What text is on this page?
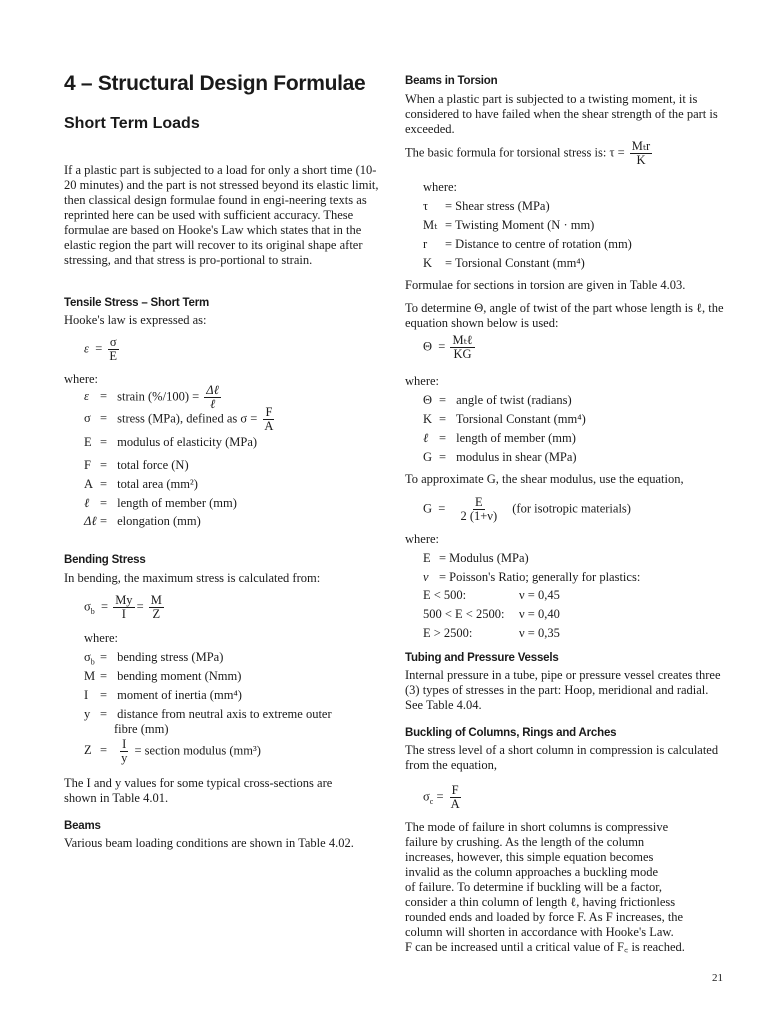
4 – Structural Design Formulae
Short Term Loads

If a plastic part is subjected to a load for only a short time (10-20 minutes) and the part is not stressed beyond its elastic limit, then classical design formulae found in engi-neering texts as reprinted here can be used with sufficient accuracy. These formulae are based on Hooke's Law which states that in the elastic region the part will recover to its original shape after stressing, and that stress is pro-portional to strain.

Tensile Stress – Short Term
Hooke's law is expressed as:
$\varepsilon = \frac{\sigma}{E}$
where:
ε = strain $(\%/100) = \frac{\text{Δℓ}}{\text{ℓ}}$
σ = stress (MPa), defined as $\sigma = \frac{F}{A}$
E = modulus of elasticity (MPa)
F = total force (N)
A = total area (mm²)
ℓ = length of member (mm)
Δℓ = elongation (mm)
Bending Stress
In bending, the maximum stress is calculated from:
$\sigma_b = \frac{My}{I} = \frac{M}{Z}$
where:
$\sigma_b$ = bending stress (MPa)
M = bending moment (Nmm)
I = moment of inertia (mm⁴)
y = distance from neutral axis to extreme outer
fibre (mm)
$Z = \frac{I}{y}$ = section modulus (mm³)

The I and y values for some typical cross-sections are shown in Table 4.01.

Beams
Various beam loading conditions are shown in Table 4.02.
Beams in Torsion

When a plastic part is subjected to a twisting moment, it is considered to have failed when the shear strength of the part is exceeded.

The basic formula for torsional stress is: $\tau = \frac{\text{Mₜr}}{K}$
where:
τ = Shear stress (MPa)
Mₜ = Twisting Moment (N · mm)
r = Distance to centre of rotation (mm)
K = Torsional Constant (mm⁴)
Formulae for sections in torsion are given in Table 4.03.

To determine Θ, angle of twist of the part whose length is ℓ, the equation shown below is used:

$\Theta = \frac{\text{Mₜℓ}}{KG}$
where:
Θ = angle of twist (radians)
K = Torsional Constant (mm⁴)
ℓ = length of member (mm)
G = modulus in shear (MPa)
To approximate G, the shear modulus, use the equation,
$G = \frac{E}{2 (1+\nu)} (for$ isotropic materials)
where:
E = Modulus (MPa)
ν = Poisson's Ratio; generally for plastics:
E < 500:	ν = 0,45
500 < E < 2500: ν = 0,40
E > 2500:	ν = 0,35
Tubing and Pressure Vessels

Internal pressure in a tube, pipe or pressure vessel creates three (3) types of stresses in the part: Hoop, meridional and radial. See Table 4.04.

Buckling of Columns, Rings and Arches

The stress level of a short column in compression is calculated from the equation,

$\sigma_c = \frac{F}{A}$
The mode of failure in short columns is compressive
failure by crushing. As the length of the column
increases, however, this simple equation becomes
invalid as the column approaches a buckling mode
of failure. To determine if buckling will be a factor,
consider a thin column of length ℓ, having frictionless
rounded ends and loaded by force F. As F increases, the
column will shorten in accordance with Hooke's Law.
F can be increased until a critical value of F꜀ is reached.
21
